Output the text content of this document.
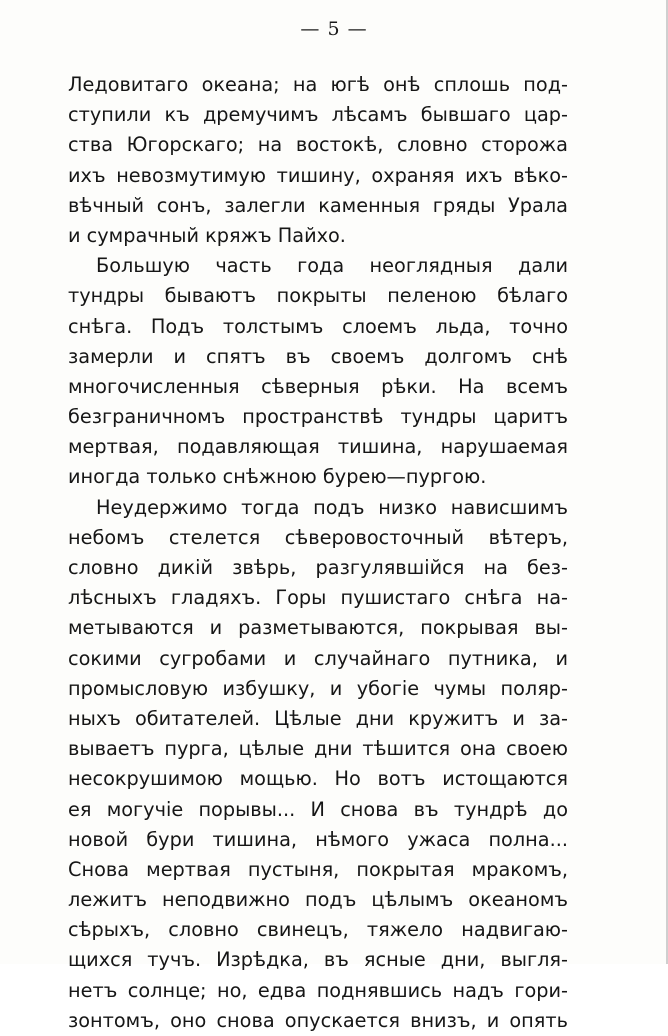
— 5 —
Ледовитаго океана; на югѣ онѣ сплошь под-
ступили къ дремучимъ лѣсамъ бывшаго цар-
ства Югорскаго; на востокѣ, словно сторожа
ихъ невозмутимую тишину, охраняя ихъ вѣко-
вѣчный сонъ, залегли каменныя гряды Урала
и сумрачный кряжъ Пайхо.
Большую часть года неоглядныя дали
тундры бываютъ покрыты пеленою бѣлаго
снѣга. Подъ толстымъ слоемъ льда, точно
замерли и спятъ въ своемъ долгомъ снѣ
многочисленныя сѣверныя рѣки. На всемъ
безграничномъ пространствѣ тундры царитъ
мертвая, подавляющая тишина, нарушаемая
иногда только снѣжною бурею—пургою.
Неудержимо тогда подъ низко нависшимъ
небомъ стелется сѣверовосточный вѣтеръ,
словно дикiй звѣрь, разгулявшiйся на без-
лѣсныхъ гладяхъ. Горы пушистаго снѣга на-
метываются и разметываются, покрывая вы-
сокими сугробами и случайнаго путника, и
промысловую избушку, и убогiе чумы поляр-
ныхъ обитателей. Цѣлые дни кружитъ и за-
вываетъ пурга, цѣлые дни тѣшится она своею
несокрушимою мощью. Но вотъ истощаются
ея могучiе порывы... И снова въ тундрѣ до
новой бури тишина, нѣмого ужаса полна...
Снова мертвая пустыня, покрытая мракомъ,
лежитъ неподвижно подъ цѣлымъ океаномъ
сѣрыхъ, словно свинецъ, тяжело надвигаю-
щихся тучъ. Изрѣдка, въ ясные дни, выгля-
нетъ солнце; но, едва поднявшись надъ гори-
зонтомъ, оно снова опускается внизъ, и опять
